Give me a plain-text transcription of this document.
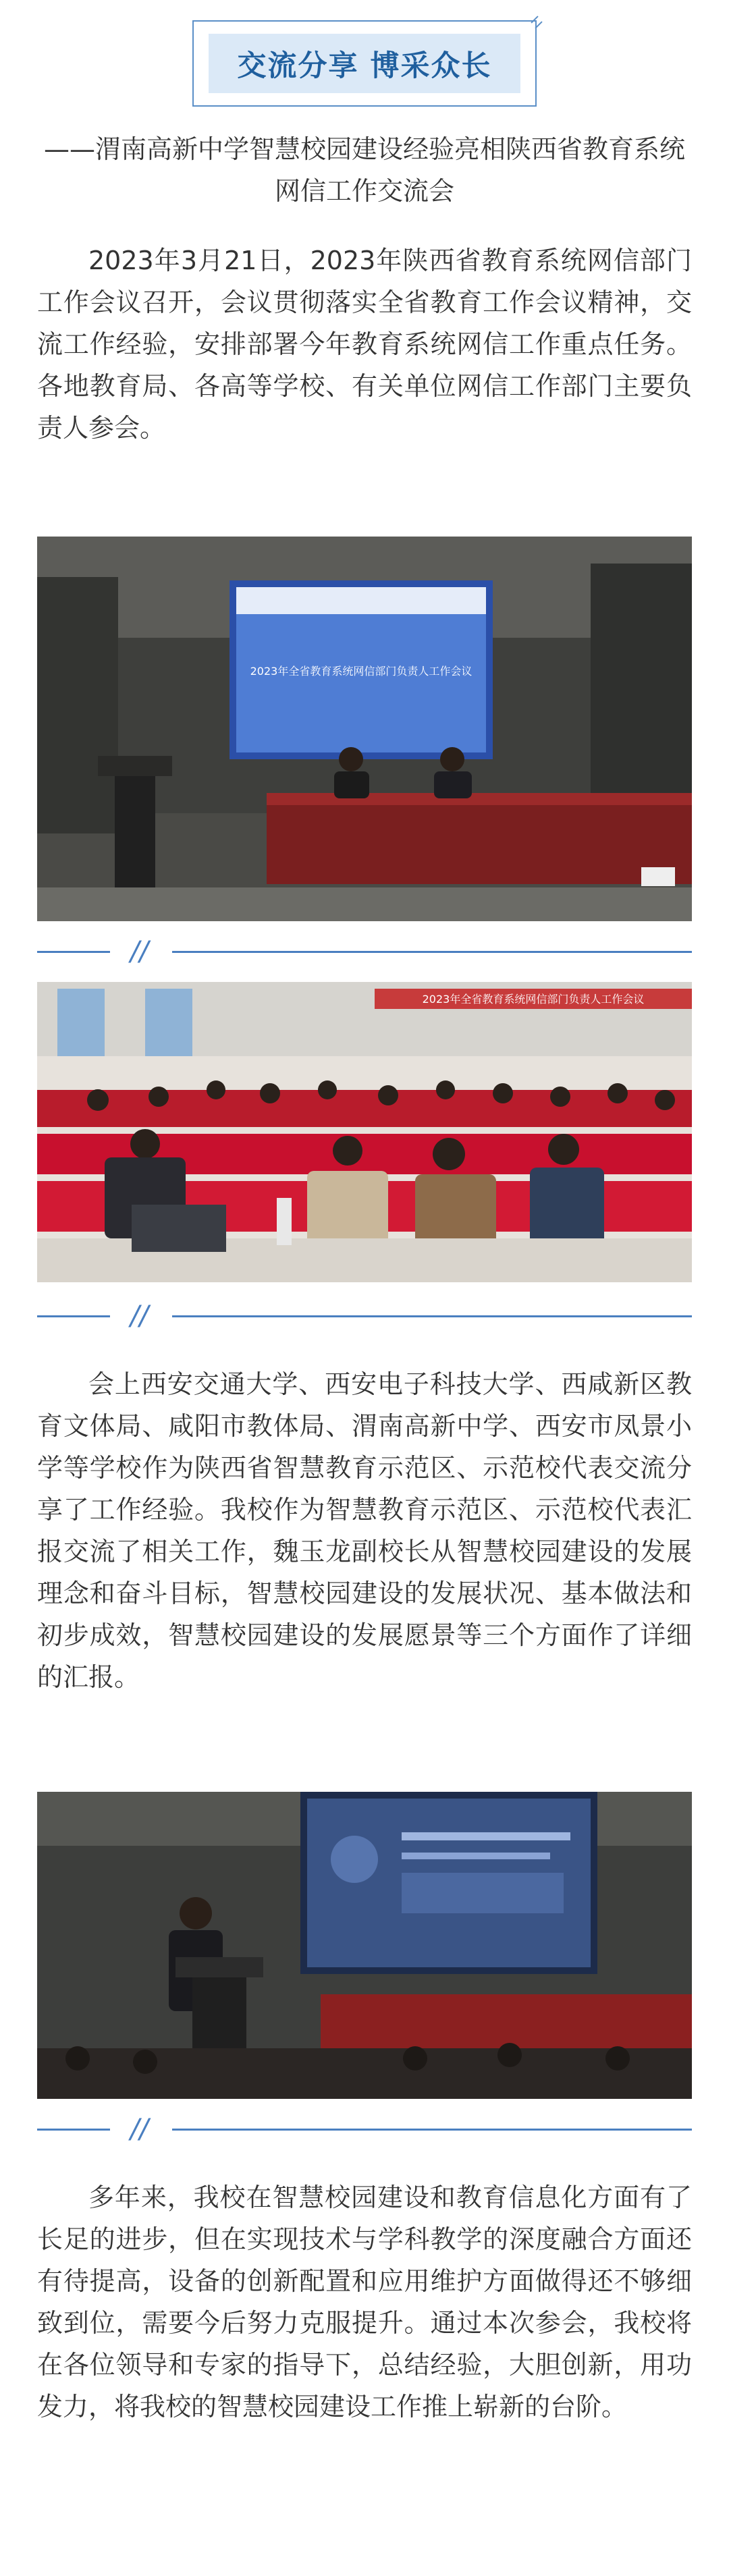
交流分享 博采众长
——渭南高新中学智慧校园建设经验亮相陕西省教育系统网信工作交流会
2023年3月21日，2023年陕西省教育系统网信部门工作会议召开，会议贯彻落实全省教育工作会议精神，交流工作经验，安排部署今年教育系统网信工作重点任务。各地教育局、各高等学校、有关单位网信工作部门主要负责人参会。
2023年全省教育系统网信部门负责人工作会议
//
2023年全省教育系统网信部门负责人工作会议
//
会上西安交通大学、西安电子科技大学、西咸新区教育文体局、咸阳市教体局、渭南高新中学、西安市凤景小学等学校作为陕西省智慧教育示范区、示范校代表交流分享了工作经验。我校作为智慧教育示范区、示范校代表汇报交流了相关工作，魏玉龙副校长从智慧校园建设的发展理念和奋斗目标，智慧校园建设的发展状况、基本做法和初步成效，智慧校园建设的发展愿景等三个方面作了详细的汇报。
//
多年来，我校在智慧校园建设和教育信息化方面有了长足的进步，但在实现技术与学科教学的深度融合方面还有待提高，设备的创新配置和应用维护方面做得还不够细致到位，需要今后努力克服提升。通过本次参会，我校将在各位领导和专家的指导下，总结经验，大胆创新，用功发力，将我校的智慧校园建设工作推上崭新的台阶。
